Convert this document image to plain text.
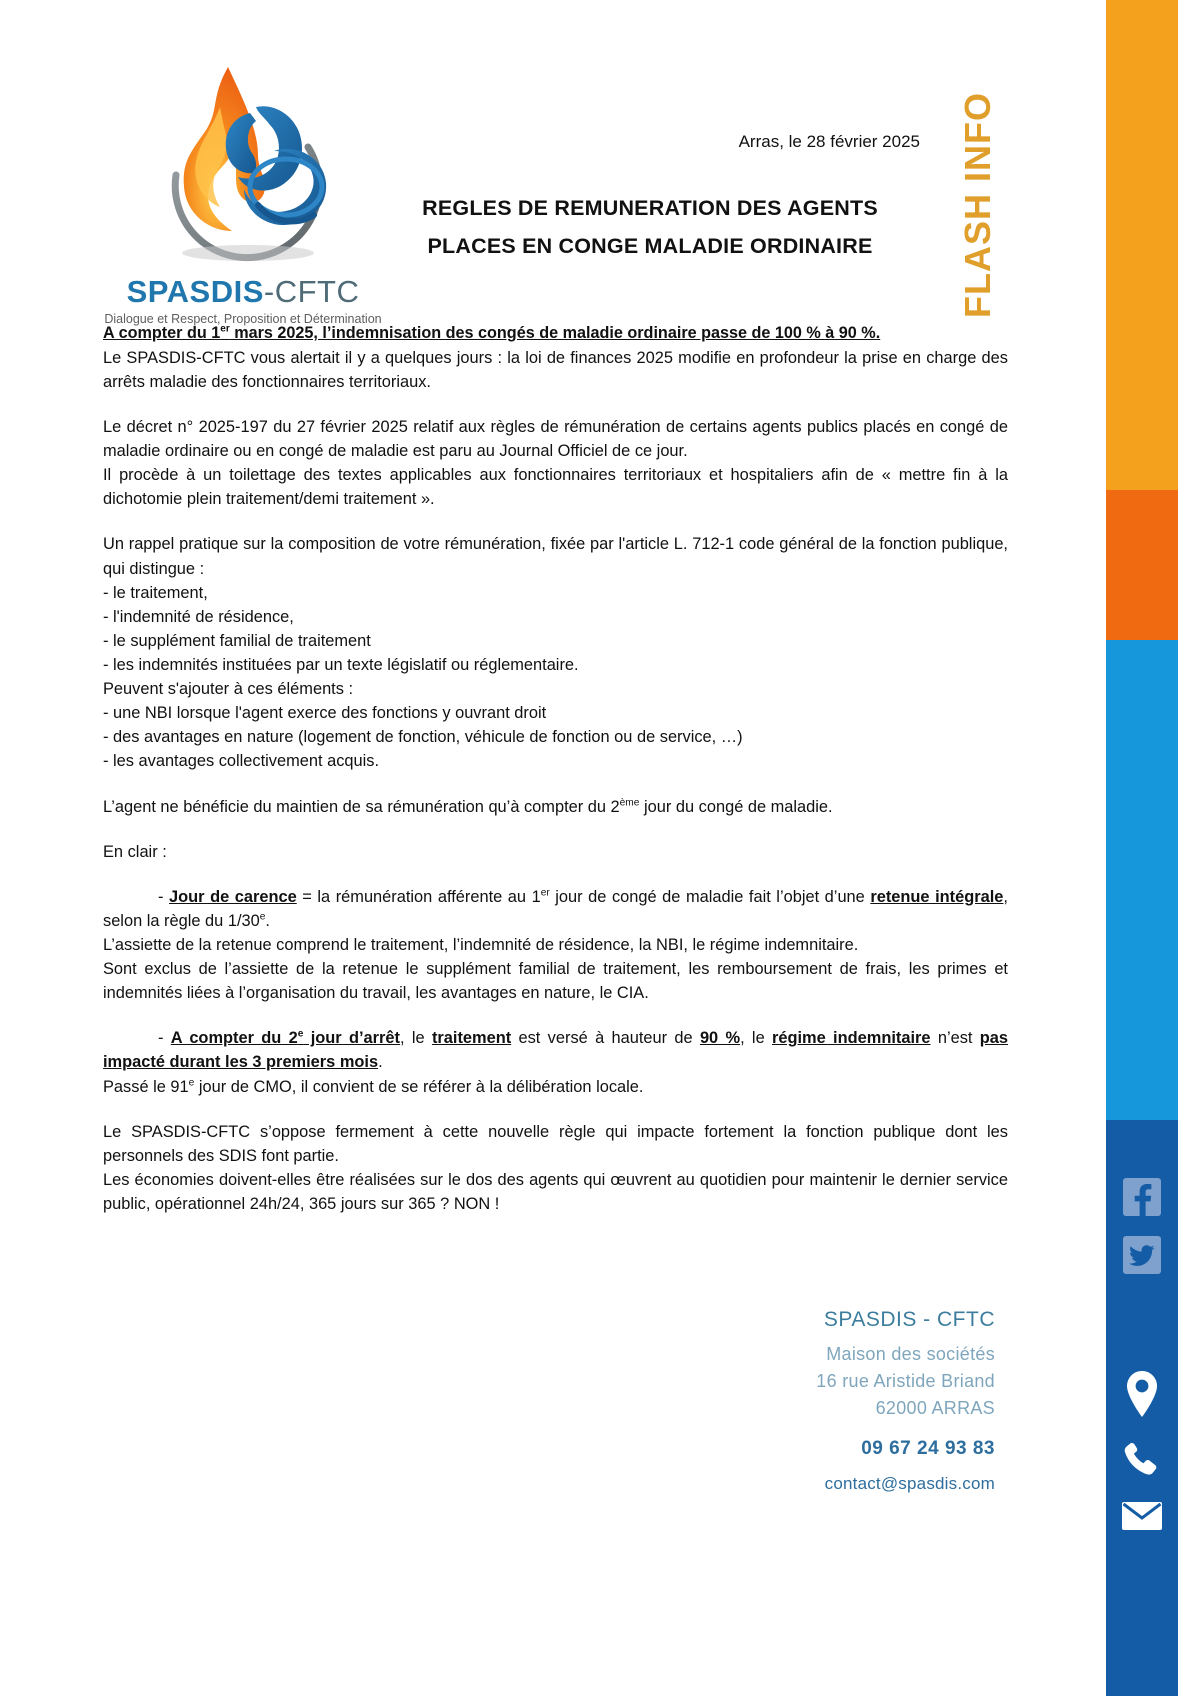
FLASH INFO
SPASDIS-CFTC
Dialogue et Respect, Proposition et Détermination
Arras, le 28 février 2025
REGLES DE REMUNERATION DES AGENTS
PLACES EN CONGE MALADIE ORDINAIRE

A compter du 1er mars 2025, l’indemnisation des congés de maladie ordinaire passe de 100 % à 90 %.

Le SPASDIS-CFTC vous alertait il y a quelques jours : la loi de finances 2025 modifie en profondeur la prise en charge des arrêts maladie des fonctionnaires territoriaux.

Le décret n° 2025-197 du 27 février 2025 relatif aux règles de rémunération de certains agents publics placés en congé de maladie ordinaire ou en congé de maladie est paru au Journal Officiel de ce jour.

Il procède à un toilettage des textes applicables aux fonctionnaires territoriaux et hospitaliers afin de « mettre fin à la dichotomie plein traitement/demi traitement ».

Un rappel pratique sur la composition de votre rémunération, fixée par l'article L. 712-1 code général de la fonction publique, qui distingue :

- le traitement,

- l'indemnité de résidence,

- le supplément familial de traitement

- les indemnités instituées par un texte législatif ou réglementaire.

Peuvent s'ajouter à ces éléments :

- une NBI lorsque l'agent exerce des fonctions y ouvrant droit

- des avantages en nature (logement de fonction, véhicule de fonction ou de service, …)

- les avantages collectivement acquis.

L’agent ne bénéficie du maintien de sa rémunération qu’à compter du 2ème jour du congé de maladie.

En clair :

- Jour de carence = la rémunération afférente au 1er jour de congé de maladie fait l’objet d’une retenue intégrale, selon la règle du 1/30e.

L’assiette de la retenue comprend le traitement, l’indemnité de résidence, la NBI, le régime indemnitaire.

Sont exclus de l’assiette de la retenue le supplément familial de traitement, les remboursement de frais, les primes et indemnités liées à l’organisation du travail, les avantages en nature, le CIA.

- A compter du 2e jour d’arrêt, le traitement est versé à hauteur de 90 %, le régime indemnitaire n’est pas impacté durant les 3 premiers mois.

Passé le 91e jour de CMO, il convient de se référer à la délibération locale.

Le SPASDIS-CFTC s’oppose fermement à cette nouvelle règle qui impacte fortement la fonction publique dont les personnels des SDIS font partie.

Les économies doivent-elles être réalisées sur le dos des agents qui œuvrent au quotidien pour maintenir le dernier service public, opérationnel 24h/24, 365 jours sur 365 ? NON !

SPASDIS - CFTC
Maison des sociétés
16 rue Aristide Briand
62000 ARRAS
09 67 24 93 83
contact@spasdis.com
